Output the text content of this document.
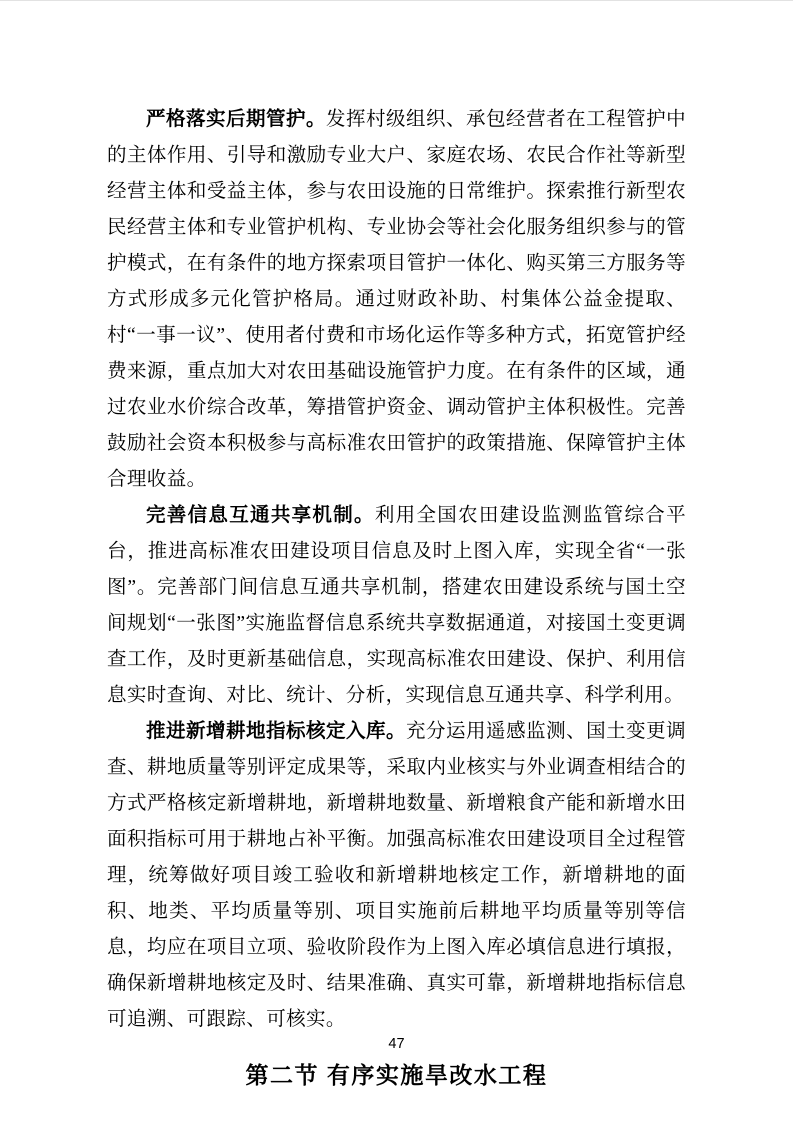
严格落实后期管护。发挥村级组织、承包经营者在工程管护中的主体作用、引导和激励专业大户、家庭农场、农民合作社等新型经营主体和受益主体，参与农田设施的日常维护。探索推行新型农民经营主体和专业管护机构、专业协会等社会化服务组织参与的管护模式，在有条件的地方探索项目管护一体化、购买第三方服务等方式形成多元化管护格局。通过财政补助、村集体公益金提取、村“一事一议”、使用者付费和市场化运作等多种方式，拓宽管护经费来源，重点加大对农田基础设施管护力度。在有条件的区域，通过农业水价综合改革，筹措管护资金、调动管护主体积极性。完善鼓励社会资本积极参与高标准农田管护的政策措施、保障管护主体合理收益。

完善信息互通共享机制。利用全国农田建设监测监管综合平台，推进高标准农田建设项目信息及时上图入库，实现全省“一张图”。完善部门间信息互通共享机制，搭建农田建设系统与国土空间规划“一张图”实施监督信息系统共享数据通道，对接国土变更调查工作，及时更新基础信息，实现高标准农田建设、保护、利用信息实时查询、对比、统计、分析，实现信息互通共享、科学利用。

推进新增耕地指标核定入库。充分运用遥感监测、国土变更调查、耕地质量等别评定成果等，采取内业核实与外业调查相结合的方式严格核定新增耕地，新增耕地数量、新增粮食产能和新增水田面积指标可用于耕地占补平衡。加强高标准农田建设项目全过程管理，统筹做好项目竣工验收和新增耕地核定工作，新增耕地的面积、地类、平均质量等别、项目实施前后耕地平均质量等别等信息，均应在项目立项、验收阶段作为上图入库必填信息进行填报，确保新增耕地核定及时、结果准确、真实可靠，新增耕地指标信息可追溯、可跟踪、可核实。

第二节 有序实施旱改水工程
47
